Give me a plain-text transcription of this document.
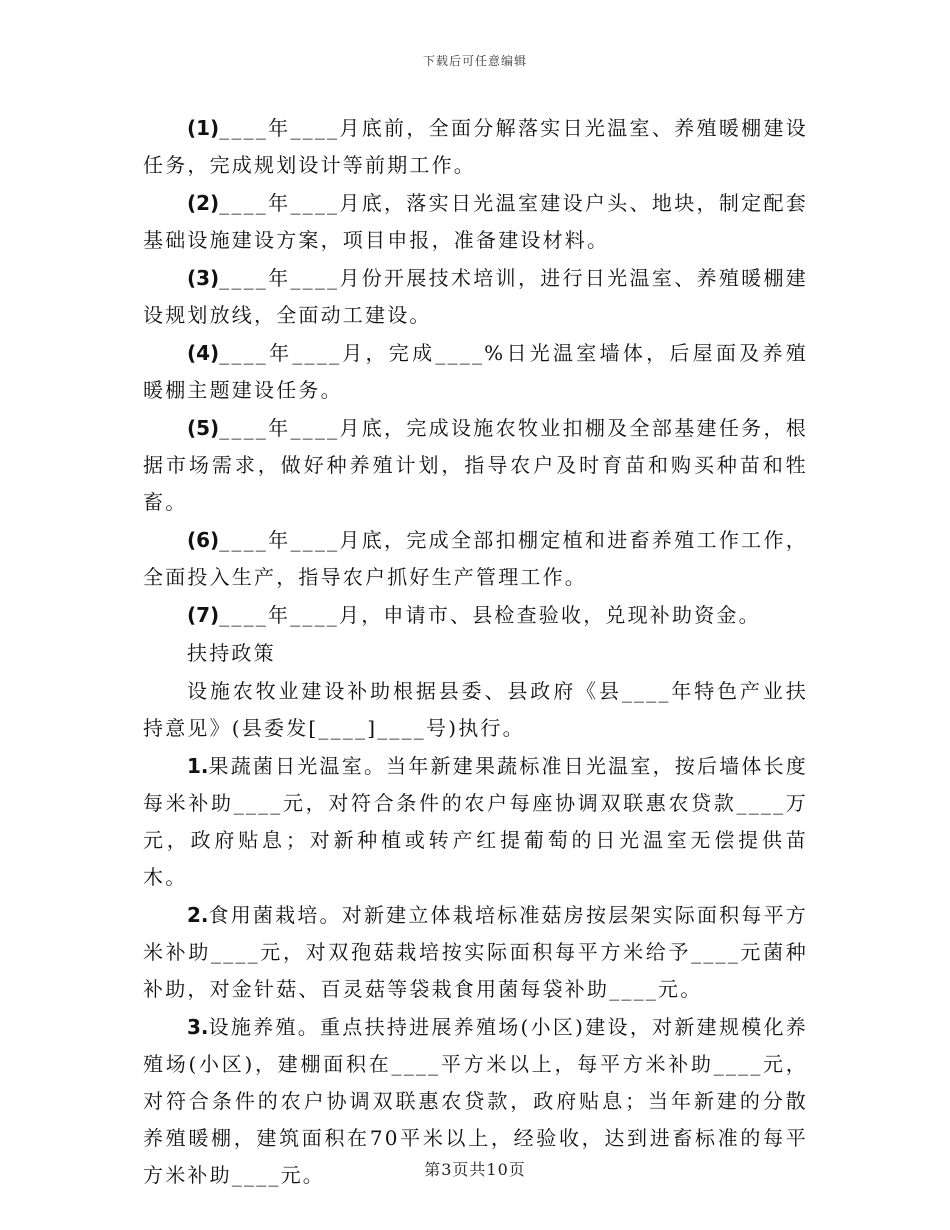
下载后可任意编辑

(1)____年____月底前，全面分解落实日光温室、养殖暖棚建设任务，完成规划设计等前期工作。

(2)____年____月底，落实日光温室建设户头、地块，制定配套基础设施建设方案，项目申报，准备建设材料。

(3)____年____月份开展技术培训，进行日光温室、养殖暖棚建设规划放线，全面动工建设。

(4)____年____月，完成____%日光温室墙体，后屋面及养殖暖棚主题建设任务。

(5)____年____月底，完成设施农牧业扣棚及全部基建任务，根据市场需求，做好种养殖计划，指导农户及时育苗和购买种苗和牲畜。

(6)____年____月底，完成全部扣棚定植和进畜养殖工作工作，全面投入生产，指导农户抓好生产管理工作。

(7)____年____月，申请市、县检查验收，兑现补助资金。

扶持政策

设施农牧业建设补助根据县委、县政府《县____年特色产业扶持意见》(县委发[____]____号)执行。

1.果蔬菌日光温室。当年新建果蔬标准日光温室，按后墙体长度每米补助____元，对符合条件的农户每座协调双联惠农贷款____万元，政府贴息；对新种植或转产红提葡萄的日光温室无偿提供苗木。

2.食用菌栽培。对新建立体栽培标准菇房按层架实际面积每平方米补助____元，对双孢菇栽培按实际面积每平方米给予____元菌种补助，对金针菇、百灵菇等袋栽食用菌每袋补助____元。

3.设施养殖。重点扶持进展养殖场(小区)建设，对新建规模化养殖场(小区)，建棚面积在____平方米以上，每平方米补助____元，对符合条件的农户协调双联惠农贷款，政府贴息；当年新建的分散养殖暖棚，建筑面积在70平米以上，经验收，达到进畜标准的每平方米补助____元。	第3页共10页
